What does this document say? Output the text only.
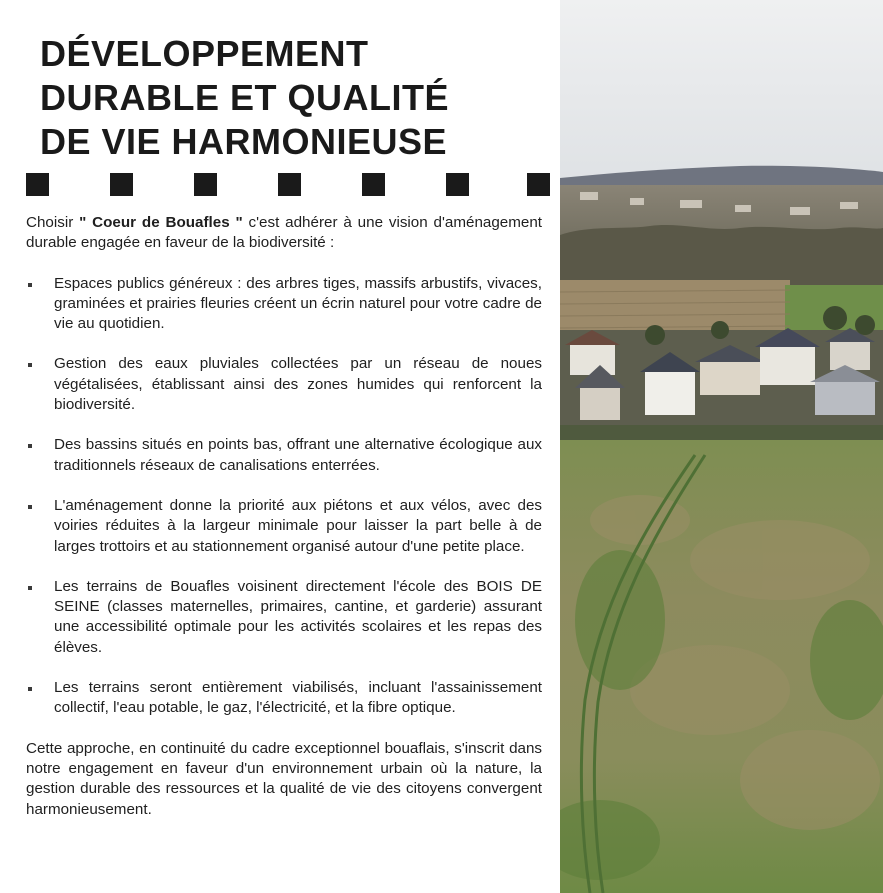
DÉVELOPPEMENT
DURABLE ET QUALITÉ
DE VIE HARMONIEUSE

Choisir " Coeur de Bouafles " c'est adhérer à une vision d'aménagement durable engagée en faveur de la biodiversité :

Espaces publics généreux : des arbres tiges, massifs arbustifs, vivaces, graminées et prairies fleuries créent un écrin naturel pour votre cadre de vie au quotidien.
Gestion des eaux pluviales collectées par un réseau de noues végétalisées, établissant ainsi des zones humides qui renforcent la biodiversité.
Des bassins situés en points bas, offrant une alternative écologique aux traditionnels réseaux de canalisations enterrées.
L'aménagement donne la priorité aux piétons et aux vélos, avec des voiries réduites à la largeur minimale pour laisser la part belle à de larges trottoirs et au stationnement organisé autour d'une petite place.
Les terrains de Bouafles voisinent directement l'école des BOIS DE SEINE (classes maternelles, primaires, cantine, et garderie) assurant une accessibilité optimale pour les activités scolaires et les repas des élèves.
Les terrains seront entièrement viabilisés, incluant l'assainissement collectif, l'eau potable, le gaz, l'électricité, et la fibre optique.

Cette approche, en continuité du cadre exceptionnel bouaflais, s'inscrit dans notre engagement en faveur d'un environnement urbain où la nature, la gestion durable des ressources et la qualité de vie des citoyens convergent harmonieusement.
